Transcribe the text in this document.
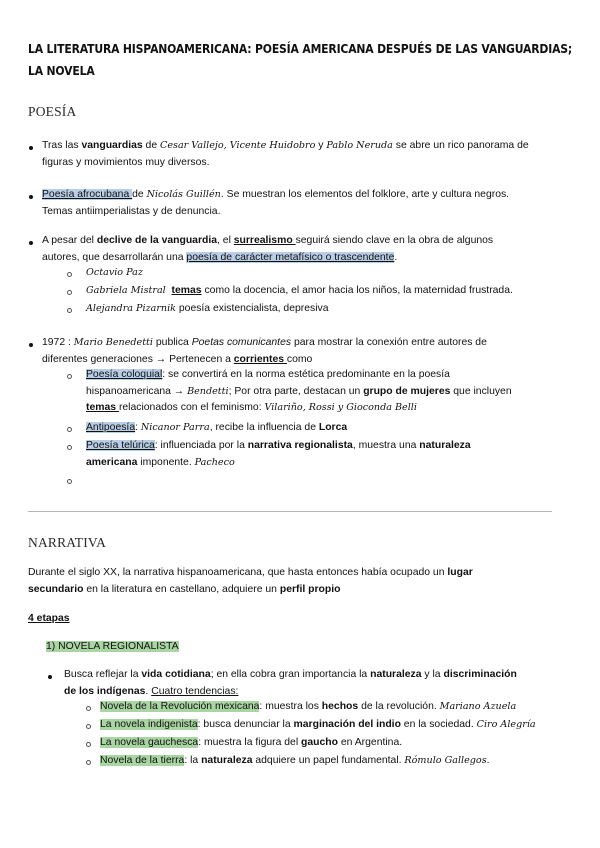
LA LITERATURA HISPANOAMERICANA: POESÍA AMERICANA DESPUÉS DE LAS VANGUARDIAS;
LA NOVELA
POESÍA
Tras las vanguardias de Cesar Vallejo, Vicente Huidobro y Pablo Neruda se abre un rico panorama de
figuras y movimientos muy diversos.
Poesía afrocubana de Nicolás Guillén. Se muestran los elementos del folklore, arte y cultura negros.
Temas antiimperialistas y de denuncia.
A pesar del declive de la vanguardia, el surrealismo seguirá siendo clave en la obra de algunos
autores, que desarrollarán una poesía de carácter metafísico o trascendente.
Octavio Paz
Gabriela Mistral temas como la docencia, el amor hacia los niños, la maternidad frustrada.
Alejandra Pizarnik poesía existencialista, depresiva
1972 : Mario Benedetti publica Poetas comunicantes para mostrar la conexión entre autores de
diferentes generaciones → Pertenecen a corrientes como
Poesía coloquial: se convertirá en la norma estética predominante en la poesía
hispanoamericana → Bendetti; Por otra parte, destacan un grupo de mujeres que incluyen
temas relacionados con el feminismo: Vilariño, Rossi y Gioconda Belli
Antipoesía: Nicanor Parra, recibe la influencia de Lorca
Poesía telúrica: influenciada por la narrativa regionalista, muestra una naturaleza
americana imponente. Pacheco
NARRATIVA
Durante el siglo XX, la narrativa hispanoamericana, que hasta entonces había ocupado un lugar
secundario en la literatura en castellano, adquiere un perfil propio
4 etapas
1) NOVELA REGIONALISTA
Busca reflejar la vida cotidiana; en ella cobra gran importancia la naturaleza y la discriminación
de los indígenas. Cuatro tendencias:
Novela de la Revolución mexicana: muestra los hechos de la revolución. Mariano Azuela
La novela indigenista: busca denunciar la marginación del indio en la sociedad. Ciro Alegría
La novela gauchesca: muestra la figura del gaucho en Argentina.
Novela de la tierra: la naturaleza adquiere un papel fundamental. Rómulo Gallegos.
